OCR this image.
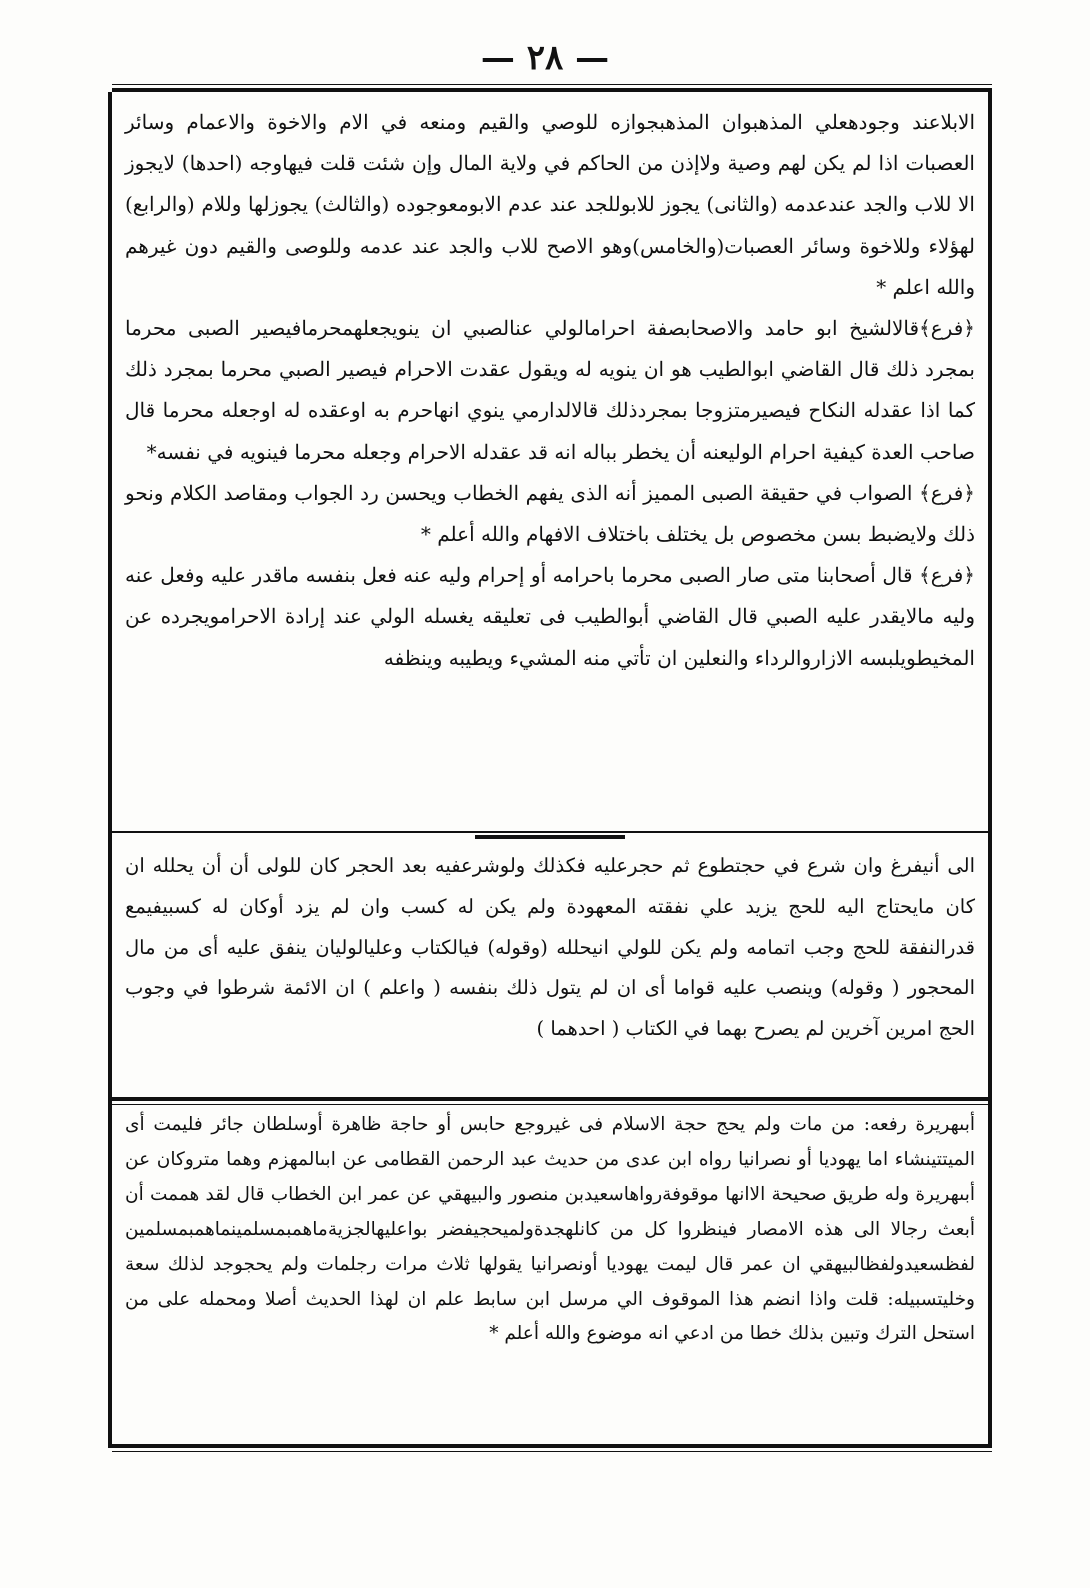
— ٢٨ —

الابلاعند وجودهعلي المذهبوان المذهبجوازه للوصي والقيم ومنعه في الام والاخوة والاعمام وسائر العصبات اذا لم يكن لهم وصية ولاإذن من الحاكم في ولاية المال وإن شئت قلت فيهاوجه (احدها) لايجوز الا للاب والجد عندعدمه (والثانى) يجوز للابوللجد عند عدم الابومعوجوده (والثالث) يجوزلها وللام (والرابع) لهؤلاء وللاخوة وسائر العصبات(والخامس)وهو الاصح للاب والجد عند عدمه وللوصى والقيم دون غيرهم والله اعلم *

﴿فرع﴾قالالشيخ ابو حامد والاصحابصفة احرامالولي عنالصبي ان ينويجعلهمحرمافيصير الصبى محرما بمجرد ذلك قال القاضي ابوالطيب هو ان ينويه له ويقول عقدت الاحرام فيصير الصبي محرما بمجرد ذلك كما اذا عقدله النكاح فيصيرمتزوجا بمجردذلك قالالدارمي ينوي انهاحرم به اوعقده له اوجعله محرما قال صاحب العدة كيفية احرام الوليعنه أن يخطر بباله انه قد عقدله الاحرام وجعله محرما فينويه في نفسه*

﴿فرع﴾ الصواب في حقيقة الصبى المميز أنه الذى يفهم الخطاب ويحسن رد الجواب ومقاصد الكلام ونحو ذلك ولايضبط بسن مخصوص بل يختلف باختلاف الافهام والله أعلم *

﴿فرع﴾ قال أصحابنا متى صار الصبى محرما باحرامه أو إحرام وليه عنه فعل بنفسه ماقدر عليه وفعل عنه وليه مالايقدر عليه الصبي قال القاضي أبوالطيب فى تعليقه يغسله الولي عند إرادة الاحرامويجرده عن المخيطويلبسه الازاروالرداء والنعلين ان تأتي منه المشيء ويطيبه وينظفه

الى أنيفرغ وان شرع في حجتطوع ثم حجرعليه فكذلك ولوشرعفيه بعد الحجر كان للولى أن أن يحلله ان كان مايحتاج اليه للحج يزيد علي نفقته المعهودة ولم يكن له كسب وان لم يزد أوكان له كسبيفيمع قدرالنفقة للحج وجب اتمامه ولم يكن للولي انيحلله (وقوله) فيالكتاب وعليالوليان ينفق عليه أى من مال المحجور ( وقوله) وينصب عليه قواما أى ان لم يتول ذلك بنفسه ( واعلم ) ان الائمة شرطوا في وجوب الحج امرين آخرين لم يصرح بهما في الكتاب ( احدهما )

أبىهريرة رفعه: من مات ولم يحج حجة الاسلام فى غيروجع حابس أو حاجة ظاهرة أوسلطان جائر فليمت أى الميتتينشاء اما يهوديا أو نصرانيا رواه ابن عدى من حديث عبد الرحمن القطامى عن ابىالمهزم وهما متروكان عن أبىهريرة وله طريق صحيحة الاانها موقوفةرواهاسعيدبن منصور والبيهقي عن عمر ابن الخطاب قال لقد هممت أن أبعث رجالا الى هذه الامصار فينظروا كل من كانلهجدةولميحجيفضر بواعليهالجزيةماهمبمسلمينماهمبمسلمين لفظسعيدولفظالبيهقي ان عمر قال ليمت يهوديا أونصرانيا يقولها ثلاث مرات رجلمات ولم يحجوجد لذلك سعة وخليتسبيله: قلت واذا انضم هذا الموقوف الي مرسل ابن سابط علم ان لهذا الحديث أصلا ومحمله على من استحل الترك وتبين بذلك خطا من ادعي انه موضوع والله أعلم *
